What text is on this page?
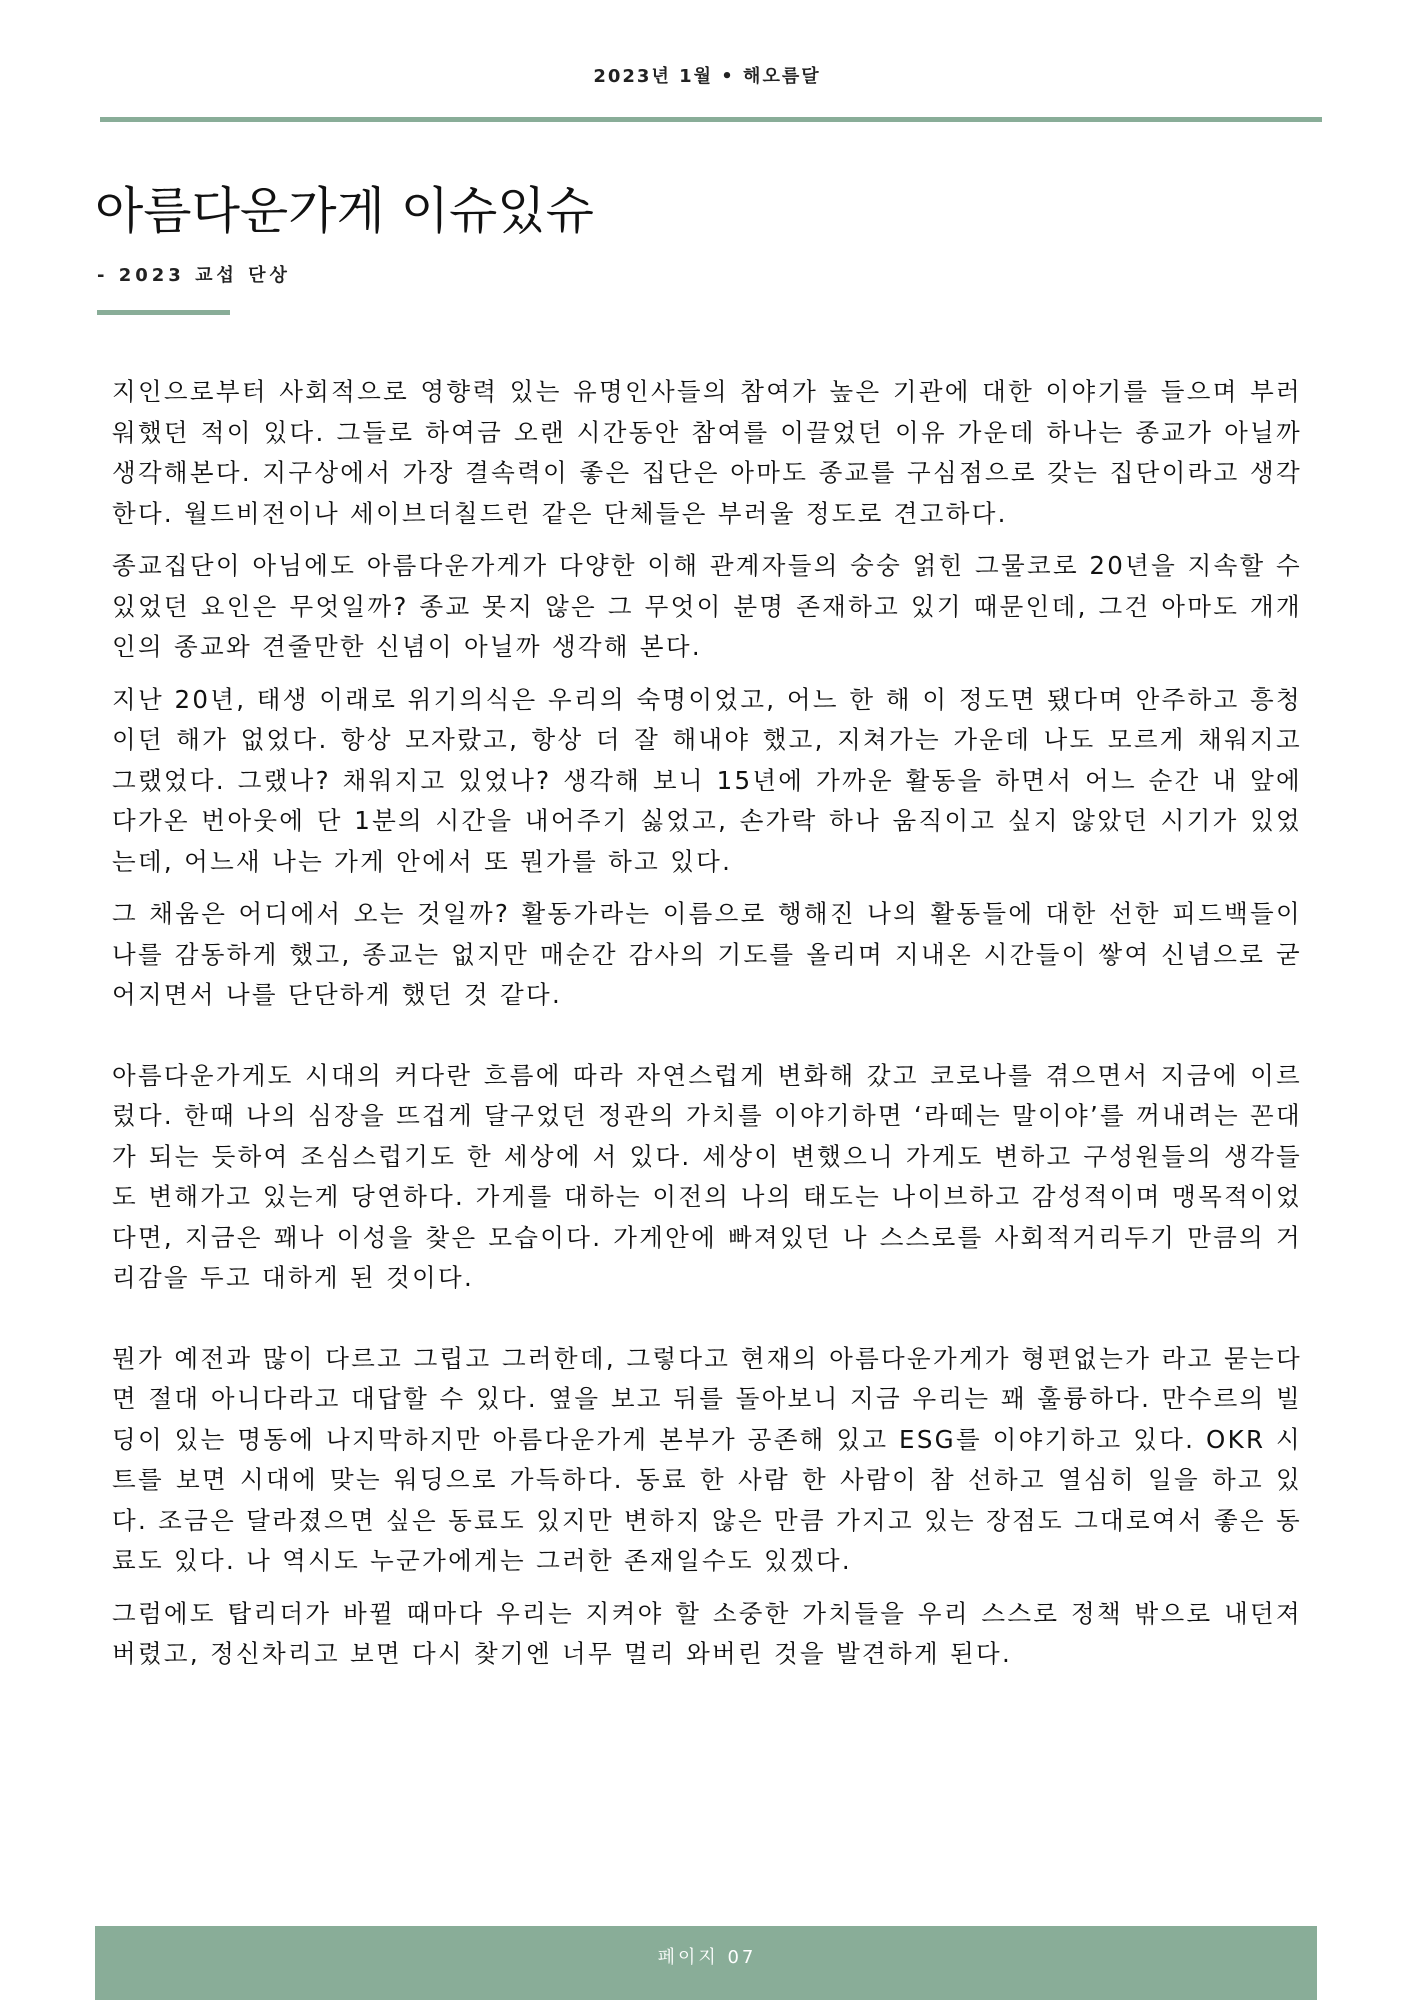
2023년 1월 • 해오름달
아름다운가게 이슈있슈
- 2023 교섭 단상

지인으로부터 사회적으로 영향력 있는 유명인사들의 참여가 높은 기관에 대한 이야기를 들으며 부러워했던 적이 있다. 그들로 하여금 오랜 시간동안 참여를 이끌었던 이유 가운데 하나는 종교가 아닐까 생각해본다. 지구상에서 가장 결속력이 좋은 집단은 아마도 종교를 구심점으로 갖는 집단이라고 생각한다. 월드비전이나 세이브더칠드런 같은 단체들은 부러울 정도로 견고하다.

종교집단이 아님에도 아름다운가게가 다양한 이해 관계자들의 숭숭 얽힌 그물코로 20년을 지속할 수 있었던 요인은 무엇일까? 종교 못지 않은 그 무엇이 분명 존재하고 있기 때문인데, 그건 아마도 개개인의 종교와 견줄만한 신념이 아닐까 생각해 본다.

지난 20년, 태생 이래로 위기의식은 우리의 숙명이었고, 어느 한 해 이 정도면 됐다며 안주하고 흥청이던 해가 없었다. 항상 모자랐고, 항상 더 잘 해내야 했고, 지쳐가는 가운데 나도 모르게 채워지고 그랬었다. 그랬나? 채워지고 있었나? 생각해 보니 15년에 가까운 활동을 하면서 어느 순간 내 앞에 다가온 번아웃에 단 1분의 시간을 내어주기 싫었고, 손가락 하나 움직이고 싶지 않았던 시기가 있었는데, 어느새 나는 가게 안에서 또 뭔가를 하고 있다.

그 채움은 어디에서 오는 것일까? 활동가라는 이름으로 행해진 나의 활동들에 대한 선한 피드백들이 나를 감동하게 했고, 종교는 없지만 매순간 감사의 기도를 올리며 지내온 시간들이 쌓여 신념으로 굳어지면서 나를 단단하게 했던 것 같다.

아름다운가게도 시대의 커다란 흐름에 따라 자연스럽게 변화해 갔고 코로나를 겪으면서 지금에 이르렀다. 한때 나의 심장을 뜨겁게 달구었던 정관의 가치를 이야기하면 ‘라떼는 말이야’를 꺼내려는 꼰대가 되는 듯하여 조심스럽기도 한 세상에 서 있다. 세상이 변했으니 가게도 변하고 구성원들의 생각들도 변해가고 있는게 당연하다. 가게를 대하는 이전의 나의 태도는 나이브하고 감성적이며 맹목적이었다면, 지금은 꽤나 이성을 찾은 모습이다. 가게안에 빠져있던 나 스스로를 사회적거리두기 만큼의 거리감을 두고 대하게 된 것이다.

뭔가 예전과 많이 다르고 그립고 그러한데, 그렇다고 현재의 아름다운가게가 형편없는가 라고 묻는다면 절대 아니다라고 대답할 수 있다. 옆을 보고 뒤를 돌아보니 지금 우리는 꽤 훌륭하다. 만수르의 빌딩이 있는 명동에 나지막하지만 아름다운가게 본부가 공존해 있고 ESG를 이야기하고 있다. OKR 시트를 보면 시대에 맞는 워딩으로 가득하다. 동료 한 사람 한 사람이 참 선하고 열심히 일을 하고 있다. 조금은 달라졌으면 싶은 동료도 있지만 변하지 않은 만큼 가지고 있는 장점도 그대로여서 좋은 동료도 있다. 나 역시도 누군가에게는 그러한 존재일수도 있겠다.

그럼에도 탑리더가 바뀔 때마다 우리는 지켜야 할 소중한 가치들을 우리 스스로 정책 밖으로 내던져 버렸고, 정신차리고 보면 다시 찾기엔 너무 멀리 와버린 것을 발견하게 된다.

페이지 07
